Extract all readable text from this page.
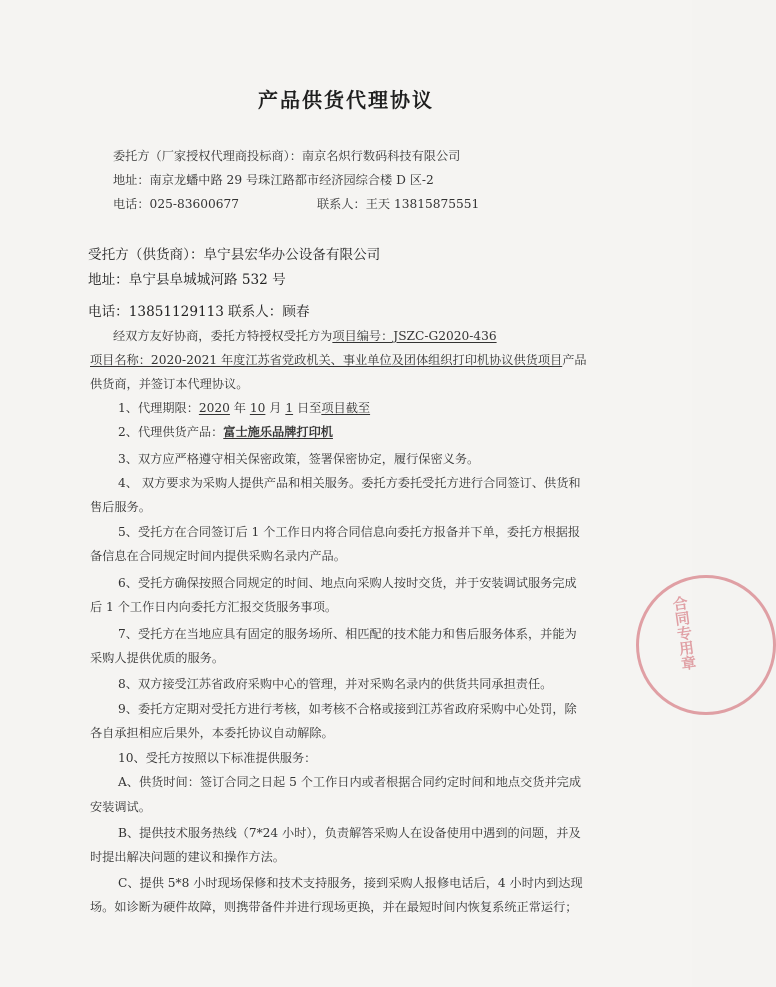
产品供货代理协议
委托方（厂家授权代理商投标商）：南京名炽行数码科技有限公司
地址：南京龙蟠中路 29 号珠江路都市经济园综合楼 D 区-2
电话：025-83600677	联系人：王天 13815875551
受托方（供货商）：阜宁县宏华办公设备有限公司
地址：阜宁县阜城城河路 532 号
电话：13851129113 联系人：顾春
经双方友好协商，委托方特授权受托方为项目编号：JSZC-G2020-436
项目名称：2020-2021 年度江苏省党政机关、事业单位及团体组织打印机协议供货项目产品
供货商，并签订本代理协议。
1、代理期限：2020 年 10 月 1 日至项目截至
2、代理供货产品：富士施乐品牌打印机
3、双方应严格遵守相关保密政策，签署保密协定，履行保密义务。
4、 双方要求为采购人提供产品和相关服务。委托方委托受托方进行合同签订、供货和
售后服务。
5、受托方在合同签订后 1 个工作日内将合同信息向委托方报备并下单，委托方根据报
备信息在合同规定时间内提供采购名录内产品。
6、受托方确保按照合同规定的时间、地点向采购人按时交货，并于安装调试服务完成
后 1 个工作日内向委托方汇报交货服务事项。
7、受托方在当地应具有固定的服务场所、相匹配的技术能力和售后服务体系，并能为
采购人提供优质的服务。
8、双方接受江苏省政府采购中心的管理，并对采购名录内的供货共同承担责任。
9、委托方定期对受托方进行考核，如考核不合格或接到江苏省政府采购中心处罚，除
各自承担相应后果外，本委托协议自动解除。
10、受托方按照以下标准提供服务：
A、供货时间：签订合同之日起 5 个工作日内或者根据合同约定时间和地点交货并完成
安装调试。
B、提供技术服务热线（7*24 小时），负责解答采购人在设备使用中遇到的问题，并及
时提出解决问题的建议和操作方法。
C、提供 5*8 小时现场保修和技术支持服务，接到采购人报修电话后，4 小时内到达现
场。如诊断为硬件故障，则携带备件并进行现场更换，并在最短时间内恢复系统正常运行；
合同专用章
